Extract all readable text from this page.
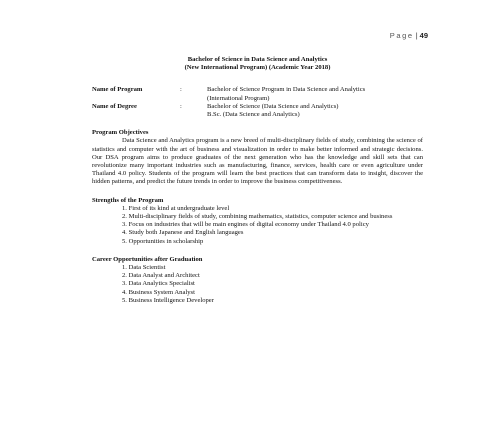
Page | 49
Bachelor of Science in Data Science and Analytics
(New International Program) (Academic Year 2018)
Name of Program	:	Bachelor of Science Program in Data Science and Analytics
(International Program)
Name of Degree	:	Bachelor of Science (Data Science and Analytics)
B.Sc. (Data Science and Analytics)
Program Objectives

Data Science and Analytics program is a new breed of multi-disciplinary fields of study, combining the science of statistics and computer with the art of business and visualization in order to make better informed and strategic decisions. Our DSA program aims to produce graduates of the next generation who has the knowledge and skill sets that can revolutionize many important industries such as manufacturing, finance, services, health care or even agriculture under Thailand 4.0 policy. Students of the program will learn the best practices that can transform data to insight, discover the hidden patterns, and predict the future trends in order to improve the business competitiveness.

Strengths of the Program
1. First of its kind at undergraduate level
2. Multi-disciplinary fields of study, combining mathematics, statistics, computer science and business
3. Focus on industries that will be main engines of digital economy under Thailand 4.0 policy
4. Study both Japanese and English languages
5. Opportunities in scholarship
Career Opportunities after Graduation
1. Data Scientist
2. Data Analyst and Architect
3. Data Analytics Specialist
4. Business System Analyst
5. Business Intelligence Developer
